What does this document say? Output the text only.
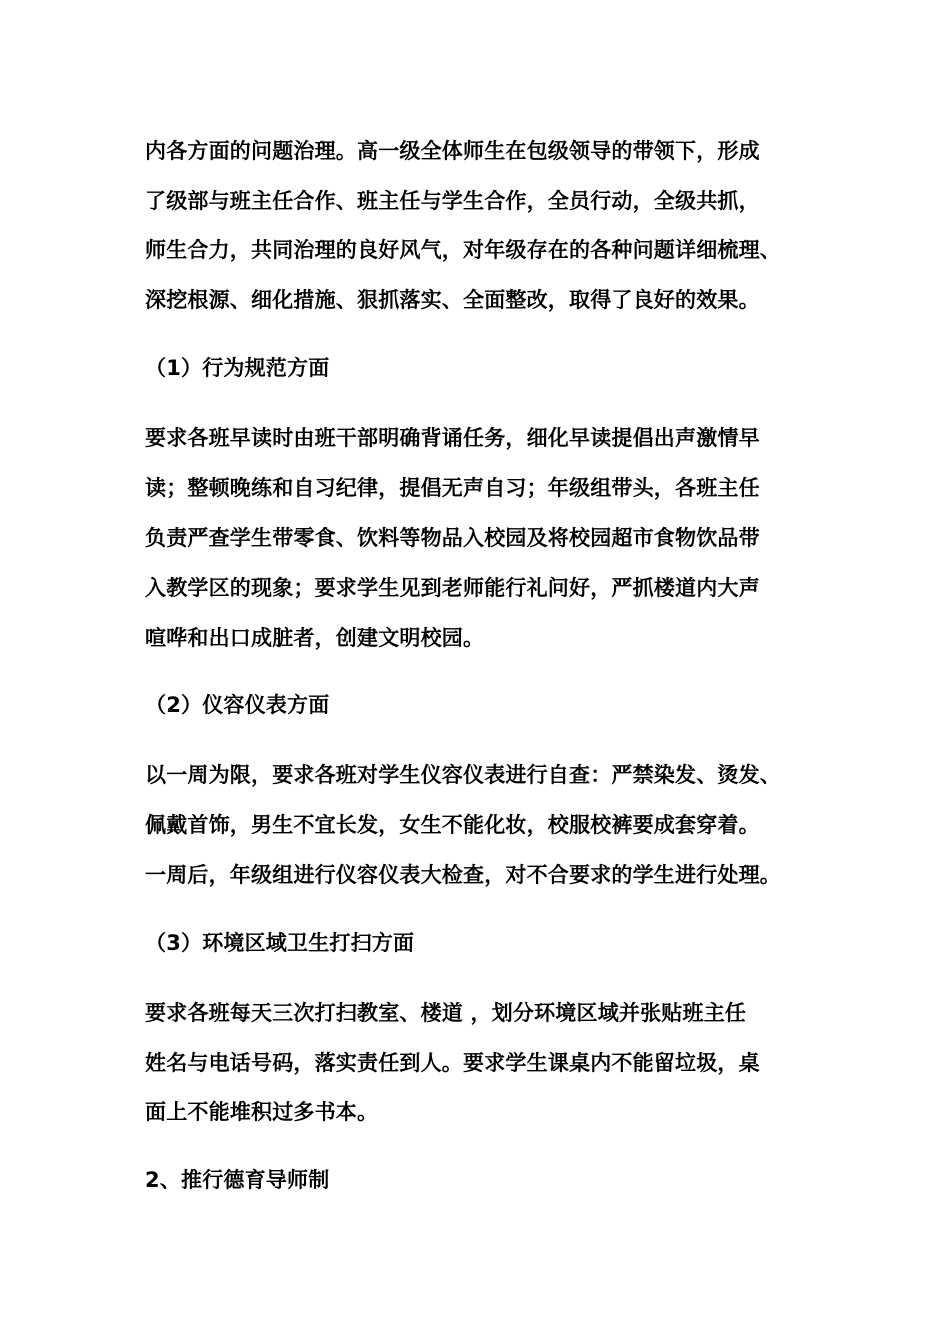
内各方面的问题治理。高一级全体师生在包级领导的带领下，形成
了级部与班主任合作、班主任与学生合作，全员行动，全级共抓，
师生合力，共同治理的良好风气，对年级存在的各种问题详细梳理、
深挖根源、细化措施、狠抓落实、全面整改，取得了良好的效果。
（1）行为规范方面
要求各班早读时由班干部明确背诵任务，细化早读提倡出声激情早
读；整顿晚练和自习纪律，提倡无声自习；年级组带头，各班主任
负责严查学生带零食、饮料等物品入校园及将校园超市食物饮品带
入教学区的现象；要求学生见到老师能行礼问好，严抓楼道内大声
喧哗和出口成脏者，创建文明校园。
（2）仪容仪表方面
以一周为限，要求各班对学生仪容仪表进行自查：严禁染发、烫发、
佩戴首饰，男生不宜长发，女生不能化妆，校服校裤要成套穿着。
一周后，年级组进行仪容仪表大检查，对不合要求的学生进行处理。
（3）环境区域卫生打扫方面
要求各班每天三次打扫教室、楼道 ，划分环境区域并张贴班主任
姓名与电话号码，落实责任到人。要求学生课桌内不能留垃圾，桌
面上不能堆积过多书本。
2、推行德育导师制
